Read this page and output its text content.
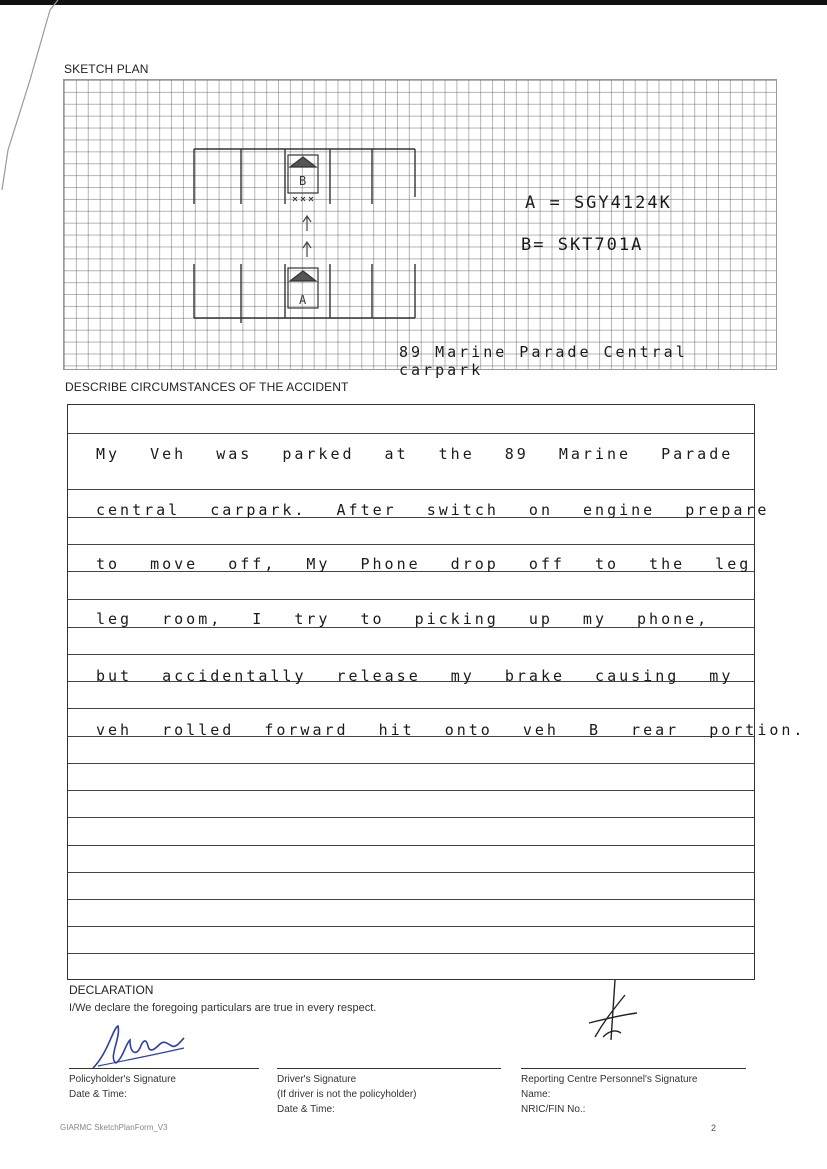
SKETCH PLAN
B
A
A = SGY4124K
B= SKT701A
89 Marine Parade Central carpark
DESCRIBE CIRCUMSTANCES OF THE ACCIDENT
My Veh was parked at the 89 Marine Parade
central carpark. After switch on engine prepare
to move off, My Phone drop off to the leg
leg room, I try to picking up my phone,
but accidentally release my brake causing my
veh rolled forward hit onto veh B rear portion.
DECLARATION
I/We declare the foregoing particulars are true in every respect.
Policyholder's Signature
Date & Time:
Driver's Signature
(If driver is not the policyholder)
Date & Time:
Reporting Centre Personnel's Signature
Name:
NRIC/FIN No.:
GIARMC SketchPlanForm_V3	2
